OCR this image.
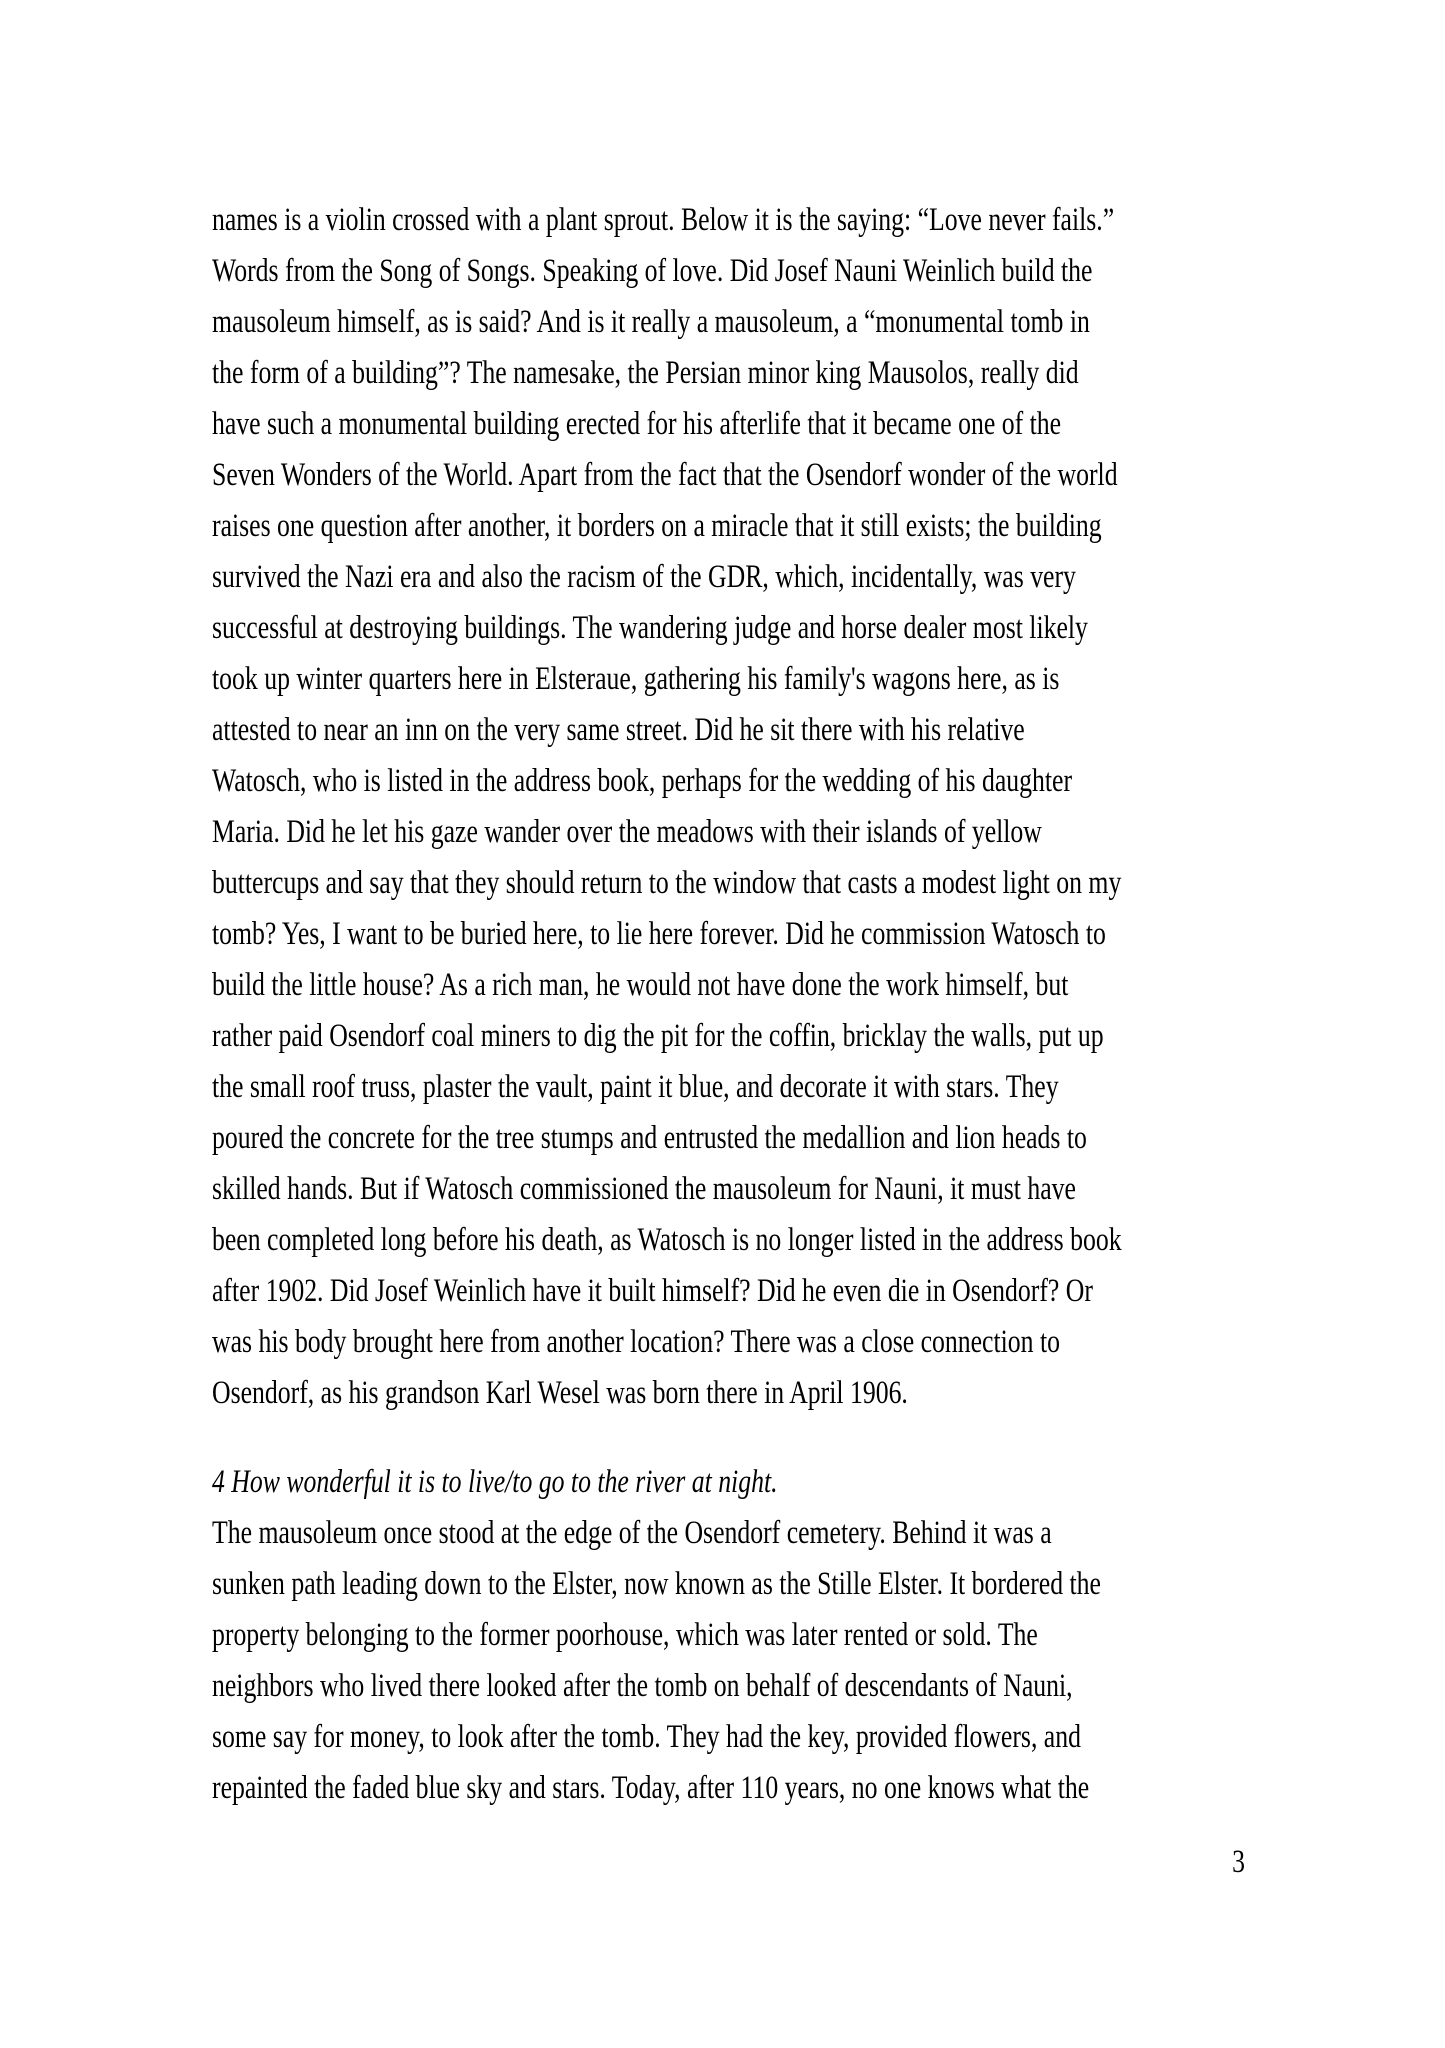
names is a violin crossed with a plant sprout. Below it is the saying: “Love never fails.”
Words from the Song of Songs. Speaking of love. Did Josef Nauni Weinlich build the
mausoleum himself, as is said? And is it really a mausoleum, a “monumental tomb in
the form of a building”? The namesake, the Persian minor king Mausolos, really did
have such a monumental building erected for his afterlife that it became one of the
Seven Wonders of the World. Apart from the fact that the Osendorf wonder of the world
raises one question after another, it borders on a miracle that it still exists; the building
survived the Nazi era and also the racism of the GDR, which, incidentally, was very
successful at destroying buildings. The wandering judge and horse dealer most likely
took up winter quarters here in Elsteraue, gathering his family's wagons here, as is
attested to near an inn on the very same street. Did he sit there with his relative
Watosch, who is listed in the address book, perhaps for the wedding of his daughter
Maria. Did he let his gaze wander over the meadows with their islands of yellow
buttercups and say that they should return to the window that casts a modest light on my
tomb? Yes, I want to be buried here, to lie here forever. Did he commission Watosch to
build the little house? As a rich man, he would not have done the work himself, but
rather paid Osendorf coal miners to dig the pit for the coffin, bricklay the walls, put up
the small roof truss, plaster the vault, paint it blue, and decorate it with stars. They
poured the concrete for the tree stumps and entrusted the medallion and lion heads to
skilled hands. But if Watosch commissioned the mausoleum for Nauni, it must have
been completed long before his death, as Watosch is no longer listed in the address book
after 1902. Did Josef Weinlich have it built himself? Did he even die in Osendorf? Or
was his body brought here from another location? There was a close connection to
Osendorf, as his grandson Karl Wesel was born there in April 1906.
4 How wonderful it is to live/to go to the river at night.
The mausoleum once stood at the edge of the Osendorf cemetery. Behind it was a
sunken path leading down to the Elster, now known as the Stille Elster. It bordered the
property belonging to the former poorhouse, which was later rented or sold. The
neighbors who lived there looked after the tomb on behalf of descendants of Nauni,
some say for money, to look after the tomb. They had the key, provided flowers, and
repainted the faded blue sky and stars. Today, after 110 years, no one knows what the
3
